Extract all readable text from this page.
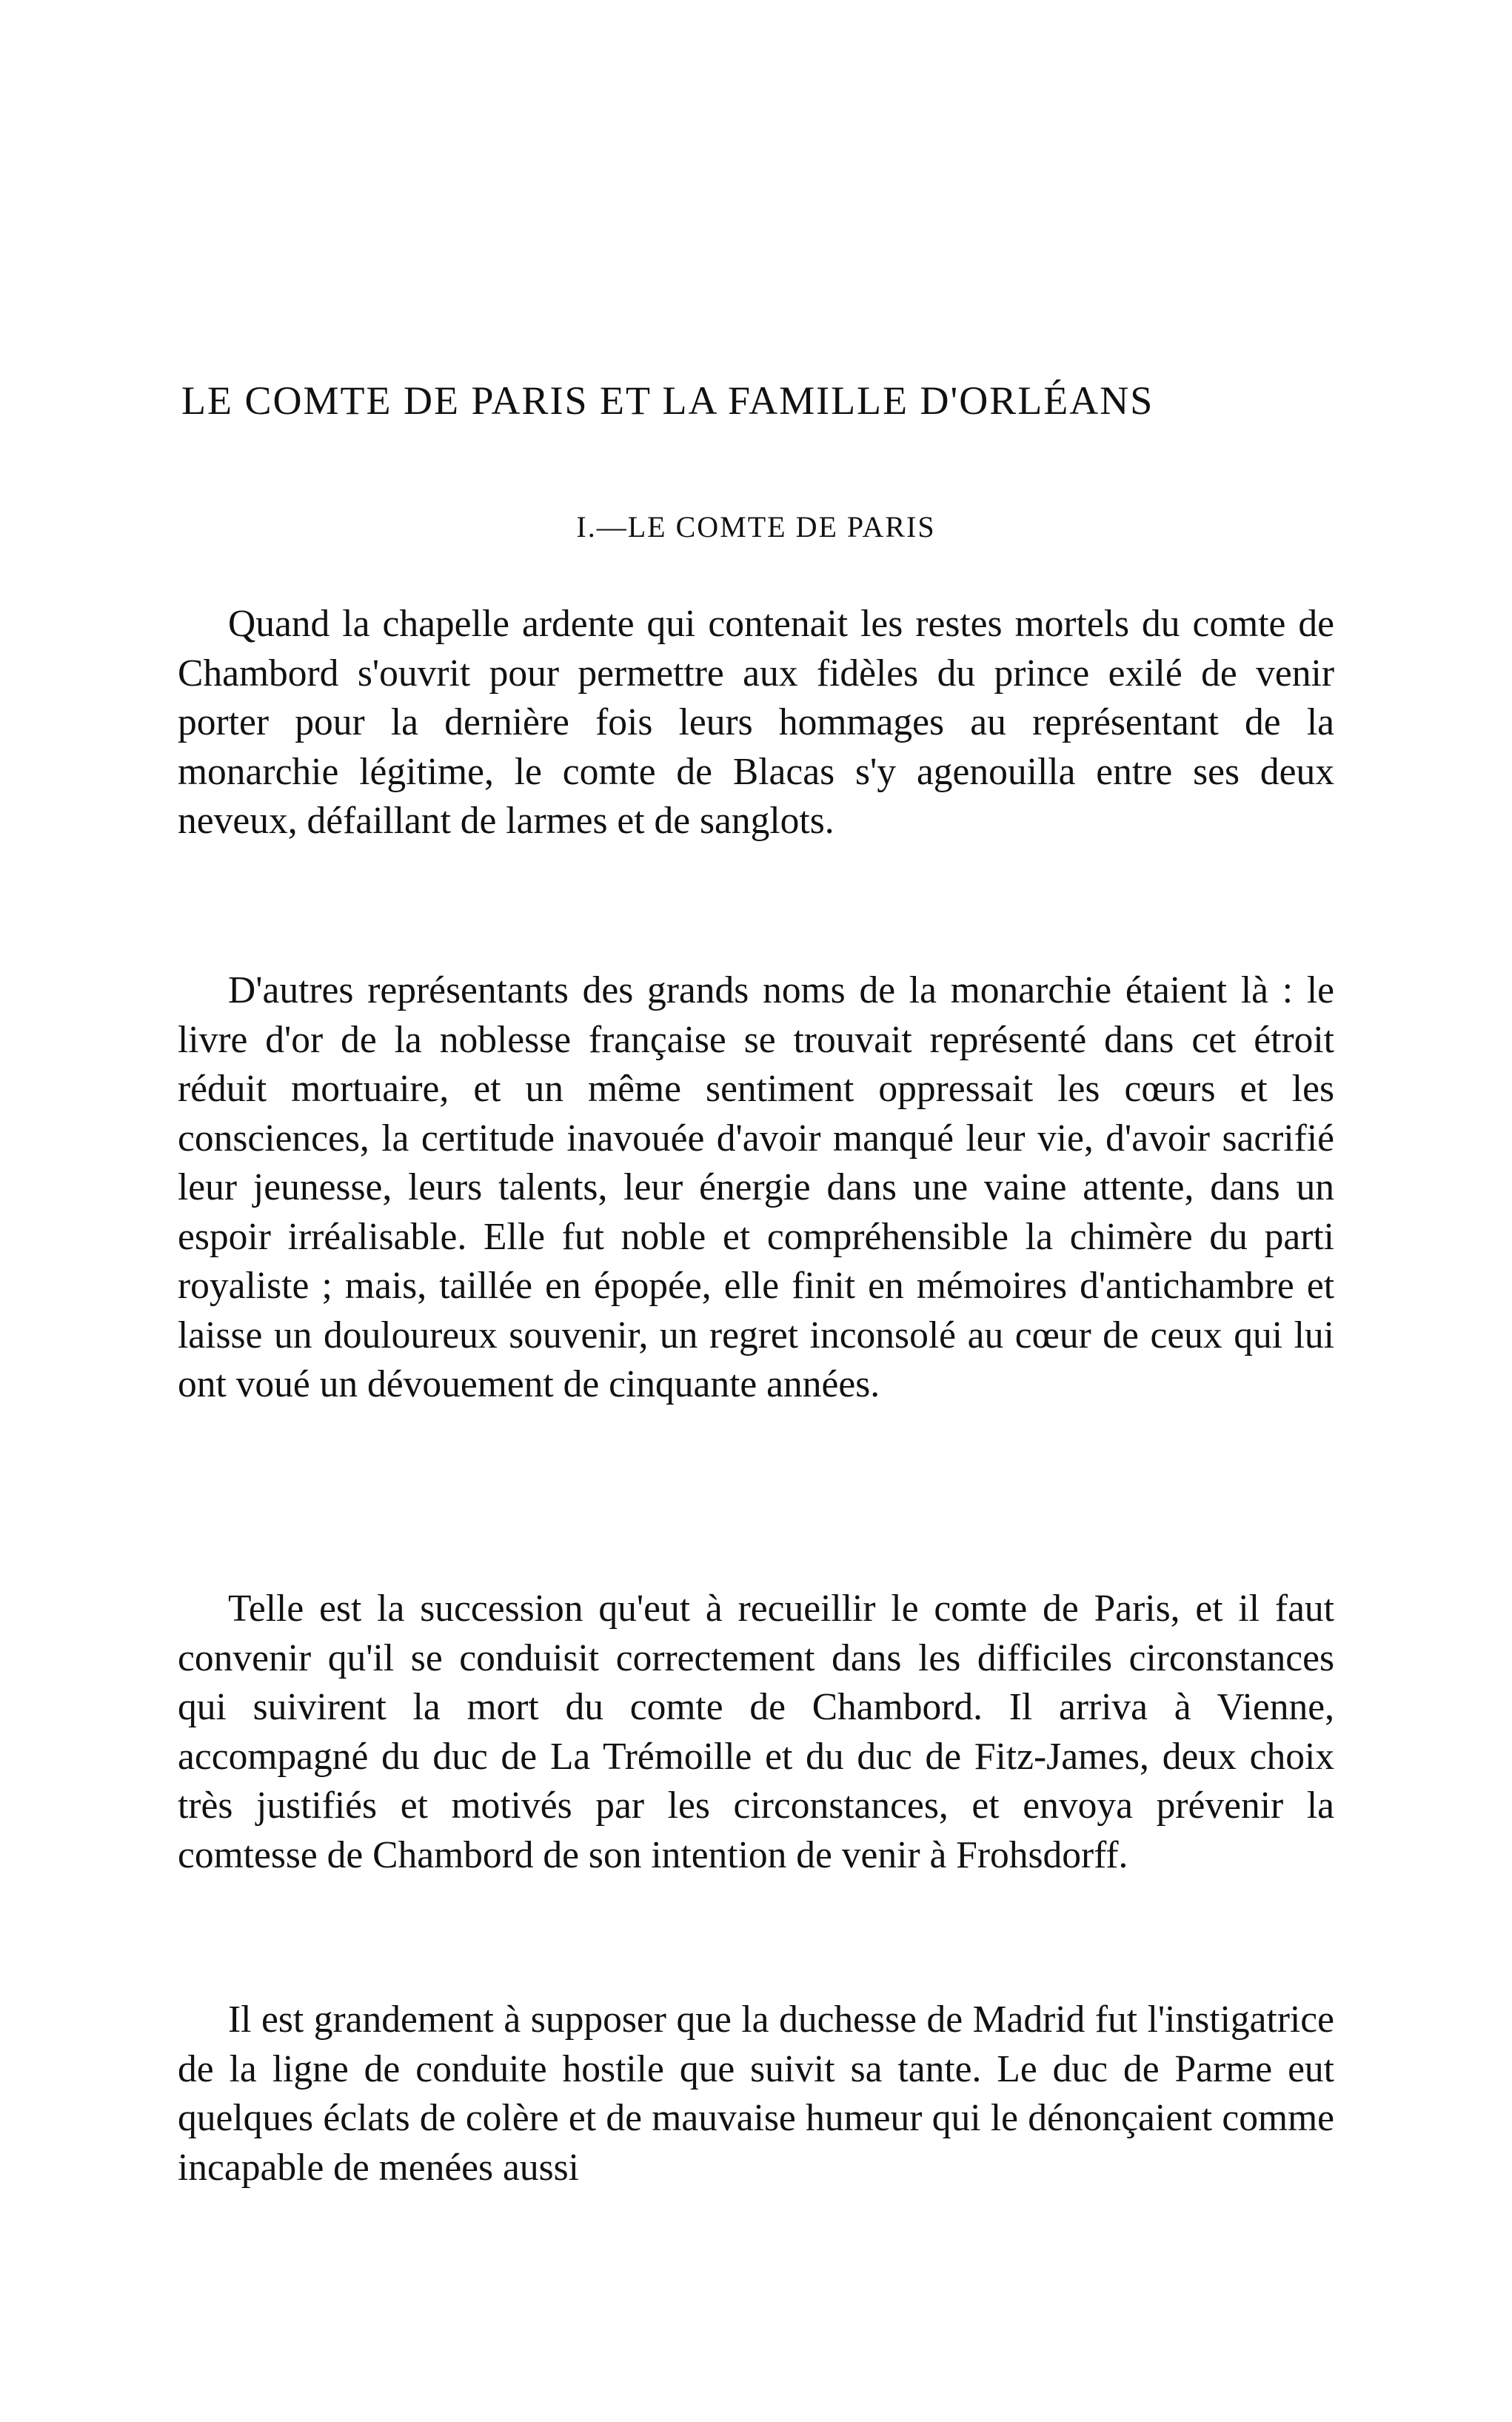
LE COMTE DE PARIS ET LA FAMILLE D'ORLÉANS
I.—LE COMTE DE PARIS

Quand la chapelle ardente qui contenait les restes mortels du comte de Chambord s'ouvrit pour permettre aux fidèles du prince exilé de venir porter pour la dernière fois leurs hommages au représentant de la monarchie légitime, le comte de Blacas s'y agenouilla entre ses deux neveux, défaillant de larmes et de sanglots.

D'autres représentants des grands noms de la monarchie étaient là : le livre d'or de la noblesse française se trouvait représenté dans cet étroit réduit mortuaire, et un même sentiment oppressait les cœurs et les consciences, la certitude inavouée d'avoir manqué leur vie, d'avoir sacrifié leur jeunesse, leurs talents, leur énergie dans une vaine attente, dans un espoir irréalisable. Elle fut noble et compréhensible la chimère du parti royaliste ; mais, taillée en épopée, elle finit en mémoires d'antichambre et laisse un douloureux souvenir, un regret inconsolé au cœur de ceux qui lui ont voué un dévouement de cinquante années.

Telle est la succession qu'eut à recueillir le comte de Paris, et il faut convenir qu'il se conduisit correctement dans les difficiles circonstances qui suivirent la mort du comte de Chambord. Il arriva à Vienne, accompagné du duc de La Trémoille et du duc de Fitz-James, deux choix très justifiés et motivés par les circonstances, et envoya prévenir la comtesse de Chambord de son intention de venir à Frohsdorff.

Il est grandement à supposer que la duchesse de Madrid fut l'instigatrice de la ligne de conduite hostile que suivit sa tante. Le duc de Parme eut quelques éclats de colère et de mauvaise humeur qui le dénonçaient comme incapable de menées aussi
